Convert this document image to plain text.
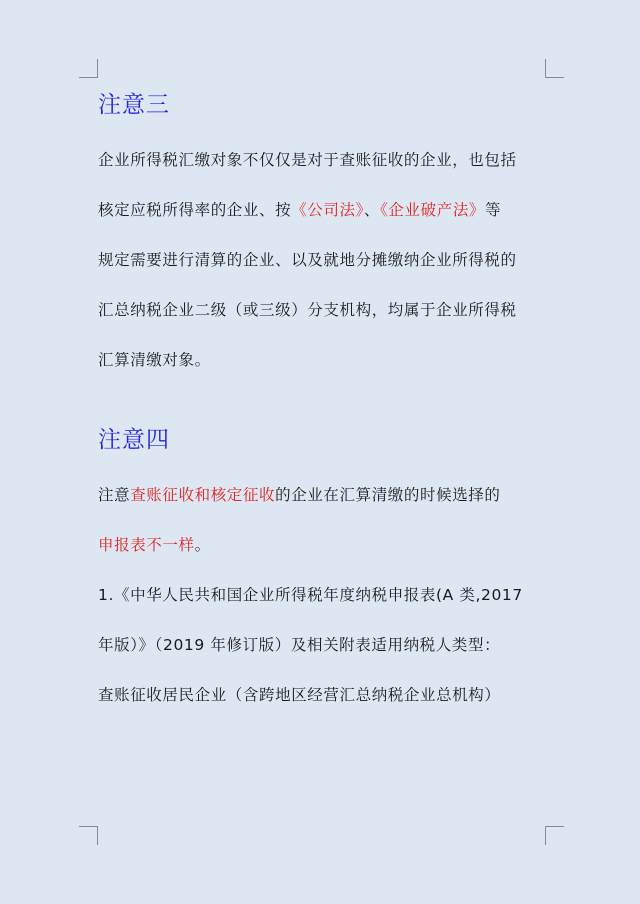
注意三
企业所得税汇缴对象不仅仅是对于查账征收的企业，也包括
核定应税所得率的企业、按《公司法》、《企业破产法》等
规定需要进行清算的企业、以及就地分摊缴纳企业所得税的
汇总纳税企业二级（或三级）分支机构，均属于企业所得税
汇算清缴对象。
注意四
注意查账征收和核定征收的企业在汇算清缴的时候选择的
申报表不一样。
1.《中华人民共和国企业所得税年度纳税申报表(A 类,2017
年版）》（2019 年修订版）及相关附表适用纳税人类型：
查账征收居民企业（含跨地区经营汇总纳税企业总机构）
